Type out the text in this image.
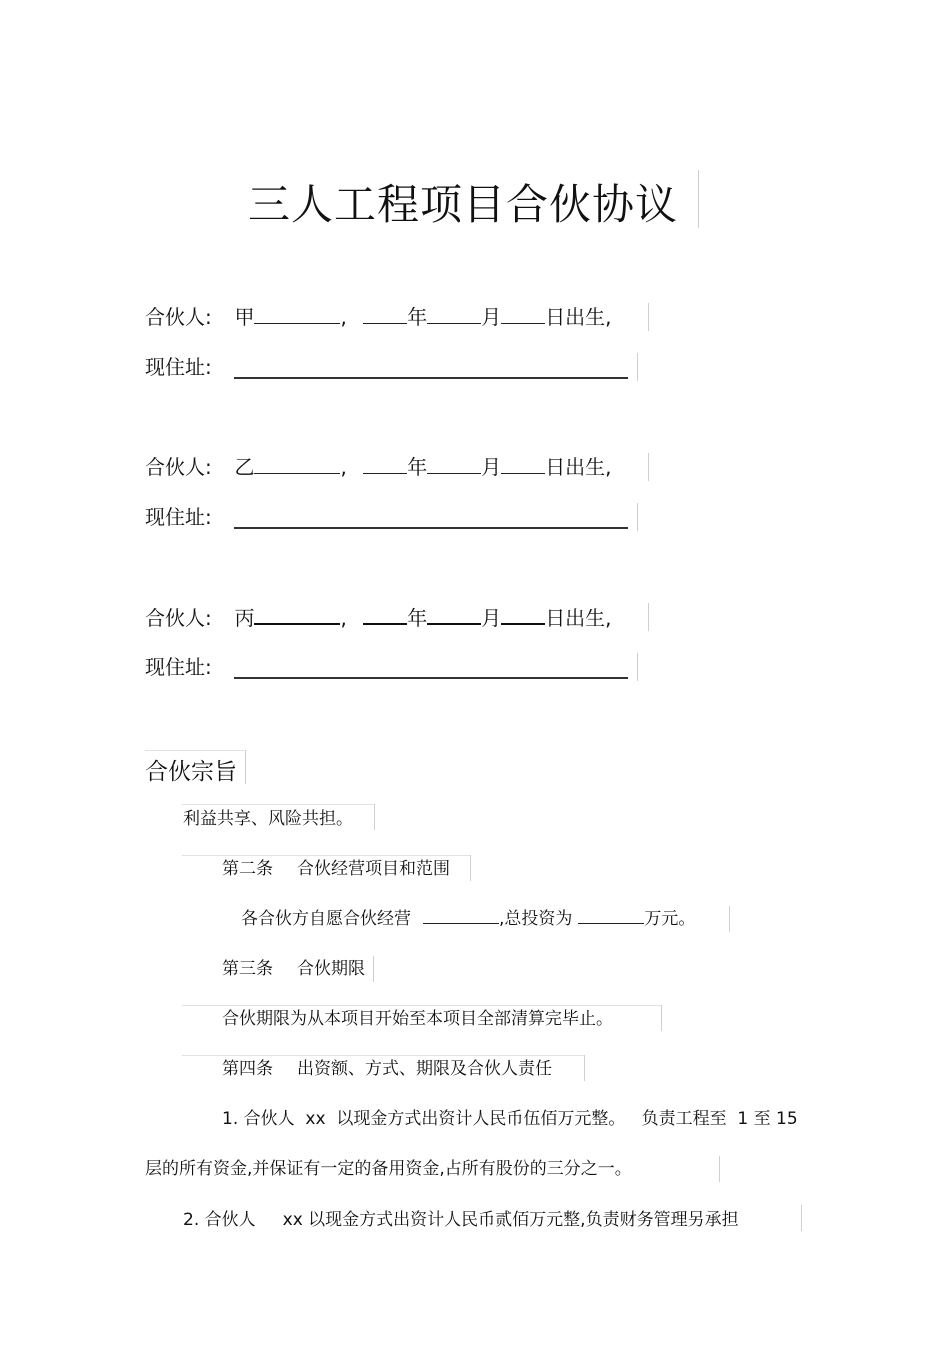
三人工程项目合伙协议
合伙人: 甲	,	年	月 日出生,
现住址:
合伙人: 乙	,	年	月 日出生,
现住址:
合伙人: 丙	,	年	月 日出生,
现住址:
合伙宗旨
利益共享、风险共担。
第二条 合伙经营项目和范围
各合伙方自愿合伙经营	,总投资为	万元。
第三条 合伙期限
合伙期限为从本项目开始至本项目全部清算完毕止。
第四条 出资额、方式、期限及合伙人责任
1. 合伙人  xx  以现金方式出资计人民币伍佰万元整。   负责工程至  1 至 15
层的所有资金,并保证有一定的备用资金,占所有股份的三分之一。
2. 合伙人     xx 以现金方式出资计人民币贰佰万元整,负责财务管理另承担
